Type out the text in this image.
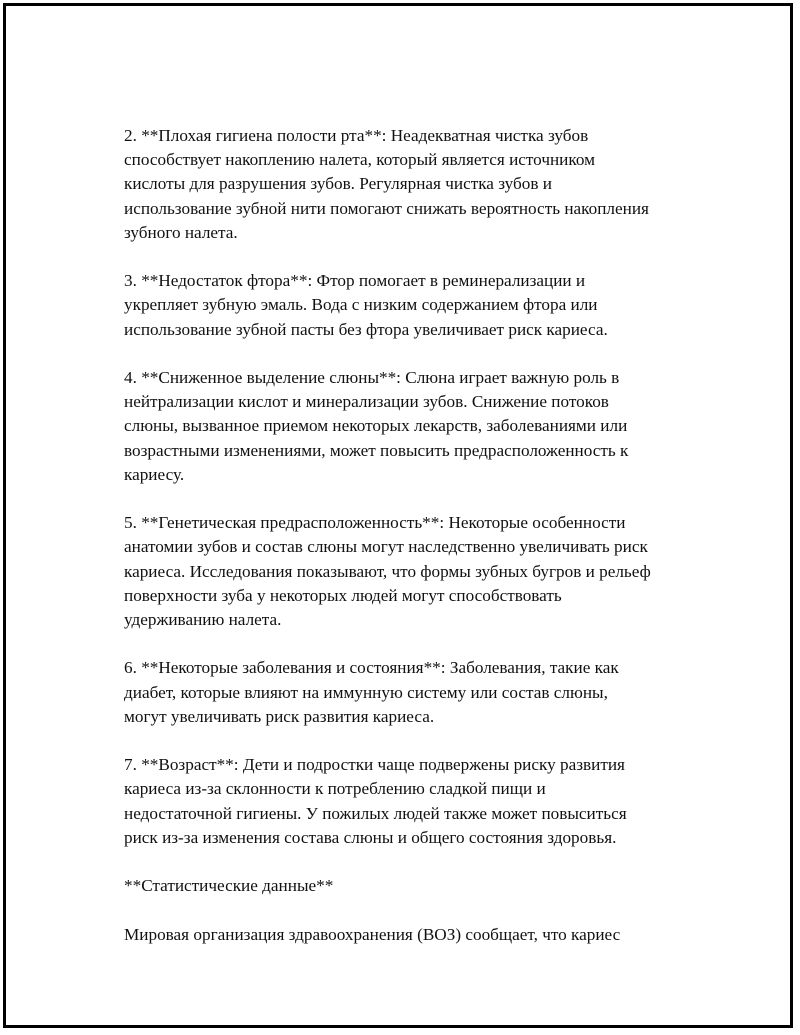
2. **Плохая гигиена полости рта**: Неадекватная чистка зубов
способствует накоплению налета, который является источником
кислоты для разрушения зубов. Регулярная чистка зубов и
использование зубной нити помогают снижать вероятность накопления
зубного налета.

3. **Недостаток фтора**: Фтор помогает в реминерализации и
укрепляет зубную эмаль. Вода с низким содержанием фтора или
использование зубной пасты без фтора увеличивает риск кариеса.

4. **Сниженное выделение слюны**: Слюна играет важную роль в
нейтрализации кислот и минерализации зубов. Снижение потоков
слюны, вызванное приемом некоторых лекарств, заболеваниями или
возрастными изменениями, может повысить предрасположенность к
кариесу.

5. **Генетическая предрасположенность**: Некоторые особенности
анатомии зубов и состав слюны могут наследственно увеличивать риск
кариеса. Исследования показывают, что формы зубных бугров и рельеф
поверхности зуба у некоторых людей могут способствовать
удерживанию налета.

6. **Некоторые заболевания и состояния**: Заболевания, такие как
диабет, которые влияют на иммунную систему или состав слюны,
могут увеличивать риск развития кариеса.

7. **Возраст**: Дети и подростки чаще подвержены риску развития
кариеса из-за склонности к потреблению сладкой пищи и
недостаточной гигиены. У пожилых людей также может повыситься
риск из-за изменения состава слюны и общего состояния здоровья.

**Статистические данные**

Мировая организация здравоохранения (ВОЗ) сообщает, что кариес
